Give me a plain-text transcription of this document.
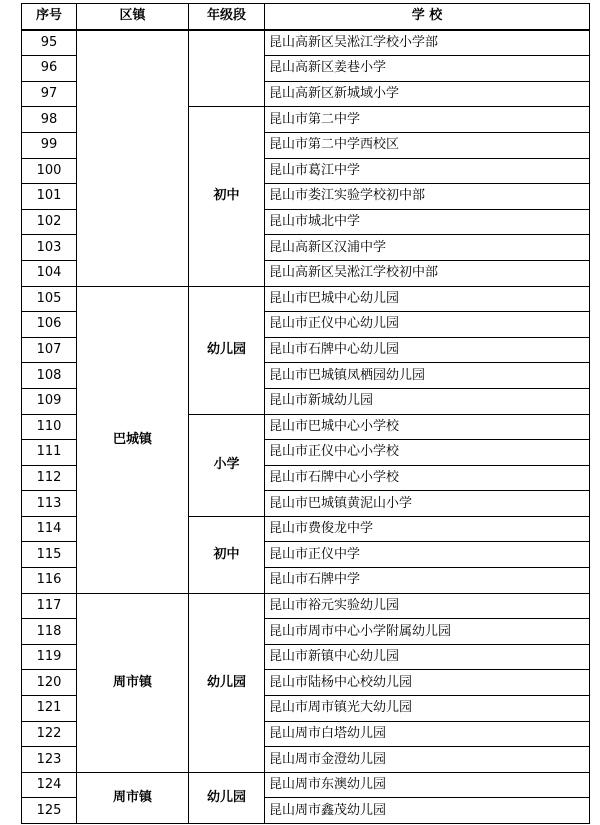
序号	区镇	年级段	学 校
95			昆山高新区吴淞江学校小学部
96			昆山高新区姜巷小学
97			昆山高新区新城域小学
98		初中	昆山市第二中学
99			昆山市第二中学西校区
100			昆山市葛江中学
101			昆山市娄江实验学校初中部
102			昆山市城北中学
103			昆山高新区汉浦中学
104			昆山高新区吴淞江学校初中部
105	巴城镇	幼儿园	昆山市巴城中心幼儿园
106			昆山市正仪中心幼儿园
107			昆山市石牌中心幼儿园
108			昆山市巴城镇凤栖园幼儿园
109			昆山市新城幼儿园
110		小学	昆山市巴城中心小学校
111			昆山市正仪中心小学校
112			昆山市石牌中心小学校
113			昆山市巴城镇黄泥山小学
114		初中	昆山市费俊龙中学
115			昆山市正仪中学
116			昆山市石牌中学
117	周市镇	幼儿园	昆山市裕元实验幼儿园
118			昆山市周市中心小学附属幼儿园
119			昆山市新镇中心幼儿园
120			昆山市陆杨中心校幼儿园
121			昆山市周市镇光大幼儿园
122			昆山周市白塔幼儿园
123			昆山周市金澄幼儿园
124	周市镇	幼儿园	昆山周市东澳幼儿园
125			昆山周市鑫茂幼儿园
